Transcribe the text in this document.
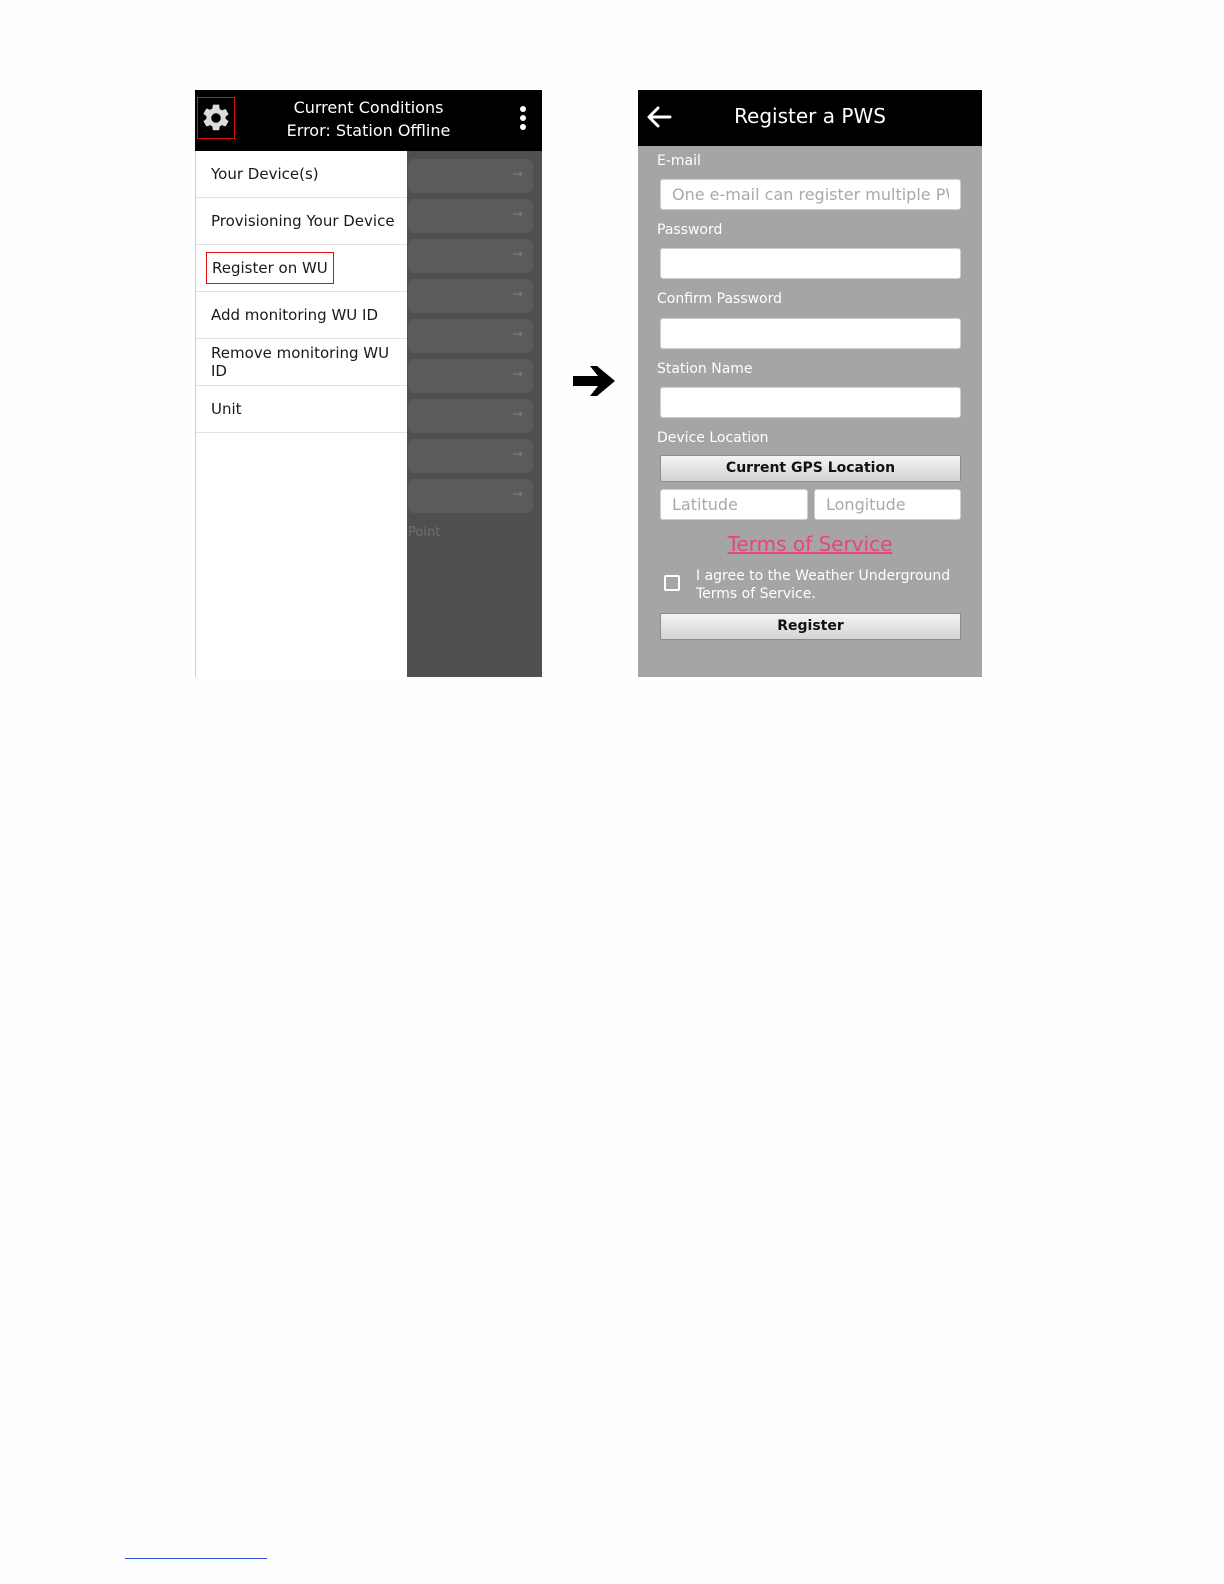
Current Conditions
Error: Station Offline
→
→
→
→
→
→
→
→
→
Point
Your Device(s)
Provisioning Your Device
Register on WU
Add monitoring WU ID
Remove monitoring WU ID
Unit
Register a PWS
E-mail
One e-mail can register multiple PWS
Password
Confirm Password
Station Name
Device Location
Current GPS Location
Latitude
Longitude
Terms of Service
I agree to the Weather Underground Terms of Service.
Register
